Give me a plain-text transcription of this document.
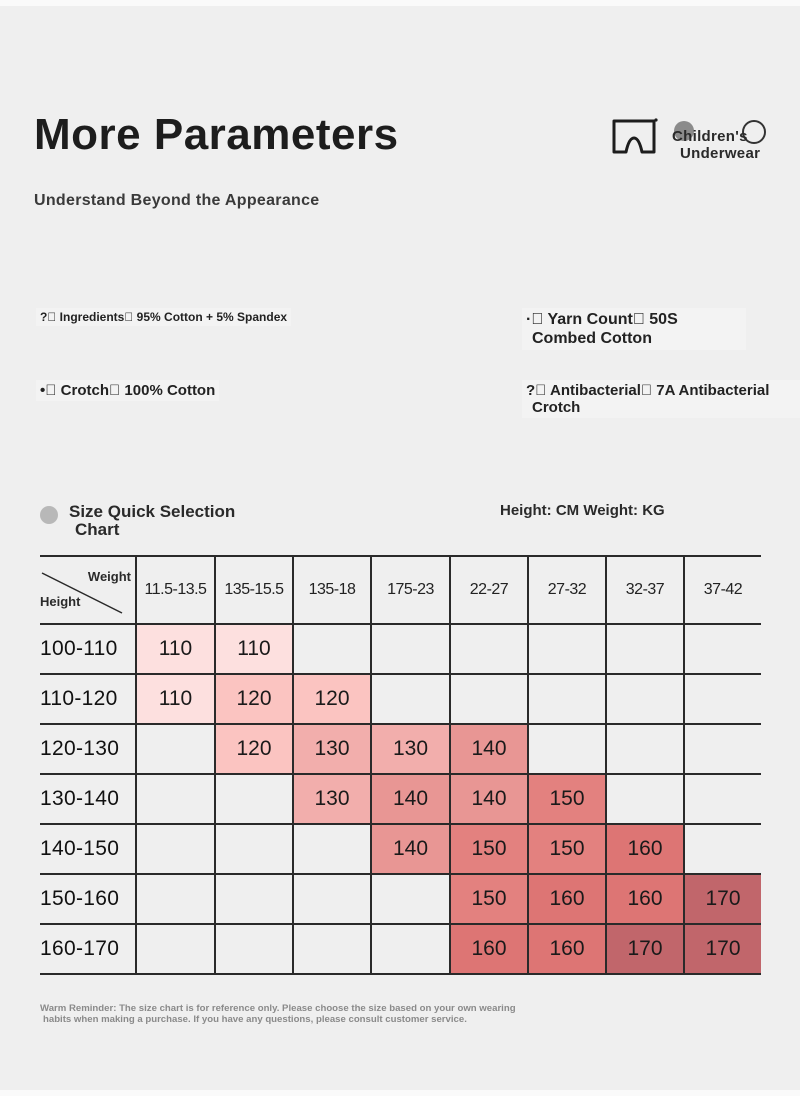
More Parameters
Understand Beyond the Appearance
Children's
Underwear
?  Ingredients  95% Cotton + 5% Spandex
•  Crotch  100% Cotton
·  Yarn Count  50S
Combed Cotton
?  Antibacterial  7A Antibacterial
Crotch
Size Quick Selection
Chart
Height: CM Weight: KG
Weight
Height	11.5-13.5	135-15.5	135-18	175-23	22-27	27-32	32-37	37-42
100-110	110	110						
110-120	110	120	120					
120-130		120	130	130	140			
130-140			130	140	140	150		
140-150				140	150	150	160	
150-160					150	160	160	170
160-170					160	160	170	170
Warm Reminder: The size chart is for reference only. Please choose the size based on your own wearing
habits when making a purchase. If you have any questions, please consult customer service.
